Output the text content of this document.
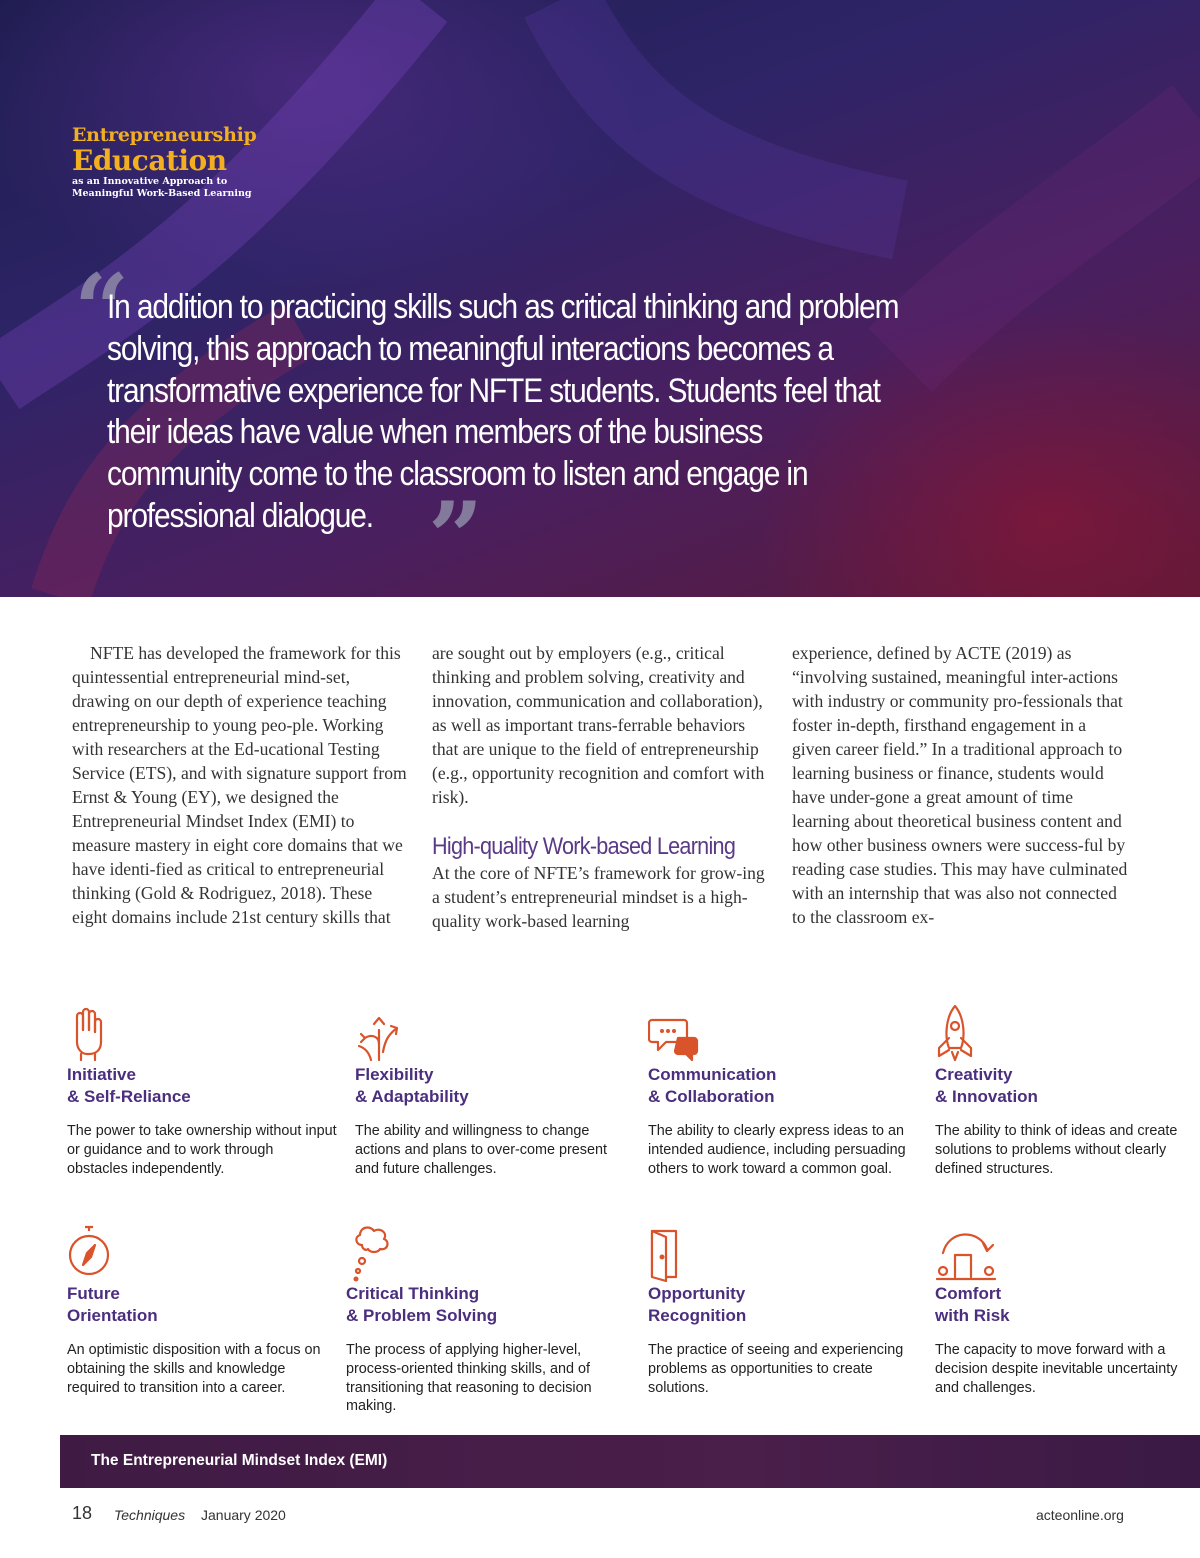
Entrepreneurship
Education
as an Innovative Approach to
Meaningful Work-Based Learning
“
In addition to practicing skills such as critical thinking and problem solving, this approach to meaningful interactions becomes a transformative experience for NFTE students. Students feel that their ideas have value when members of the business community come to the classroom to listen and engage in professional dialogue. ”

NFTE has developed the framework for this quintessential entrepreneurial mind-set, drawing on our depth of experience teaching entrepreneurship to young peo-ple. Working with researchers at the Ed-ucational Testing Service (ETS), and with signature support from Ernst & Young (EY), we designed the Entrepreneurial Mindset Index (EMI) to measure mastery in eight core domains that we have identi-fied as critical to entrepreneurial thinking (Gold & Rodriguez, 2018). These eight domains include 21st century skills that

are sought out by employers (e.g., critical thinking and problem solving, creativity and innovation, communication and collaboration), as well as important trans-ferrable behaviors that are unique to the field of entrepreneurship (e.g., opportunity recognition and comfort with risk).

High-quality Work-based Learning

At the core of NFTE’s framework for grow-ing a student’s entrepreneurial mindset is a high-quality work-based learning

experience, defined by ACTE (2019) as “involving sustained, meaningful inter-actions with industry or community pro-fessionals that foster in-depth, firsthand engagement in a given career field.” In a traditional approach to learning business or finance, students would have under-gone a great amount of time learning about theoretical business content and how other business owners were success-ful by reading case studies. This may have culminated with an internship that was also not connected to the classroom ex-

Initiative
& Self-Reliance

The power to take ownership without input or guidance and to work through obstacles independently.

Flexibility
& Adaptability

The ability and willingness to change actions and plans to over-come present and future challenges.

Communication
& Collaboration

The ability to clearly express ideas to an intended audience, including persuading others to work toward a common goal.

Creativity
& Innovation

The ability to think of ideas and create solutions to problems without clearly defined structures.

Future
Orientation

An optimistic disposition with a focus on obtaining the skills and knowledge required to transition into a career.

Critical Thinking
& Problem Solving

The process of applying higher-level, process-oriented thinking skills, and of transitioning that reasoning to decision making.

Opportunity
Recognition

The practice of seeing and experiencing problems as opportunities to create solutions.

Comfort
with Risk

The capacity to move forward with a decision despite inevitable uncertainty and challenges.

The Entrepreneurial Mindset Index (EMI)
18 Techniques January 2020	acteonline.org
